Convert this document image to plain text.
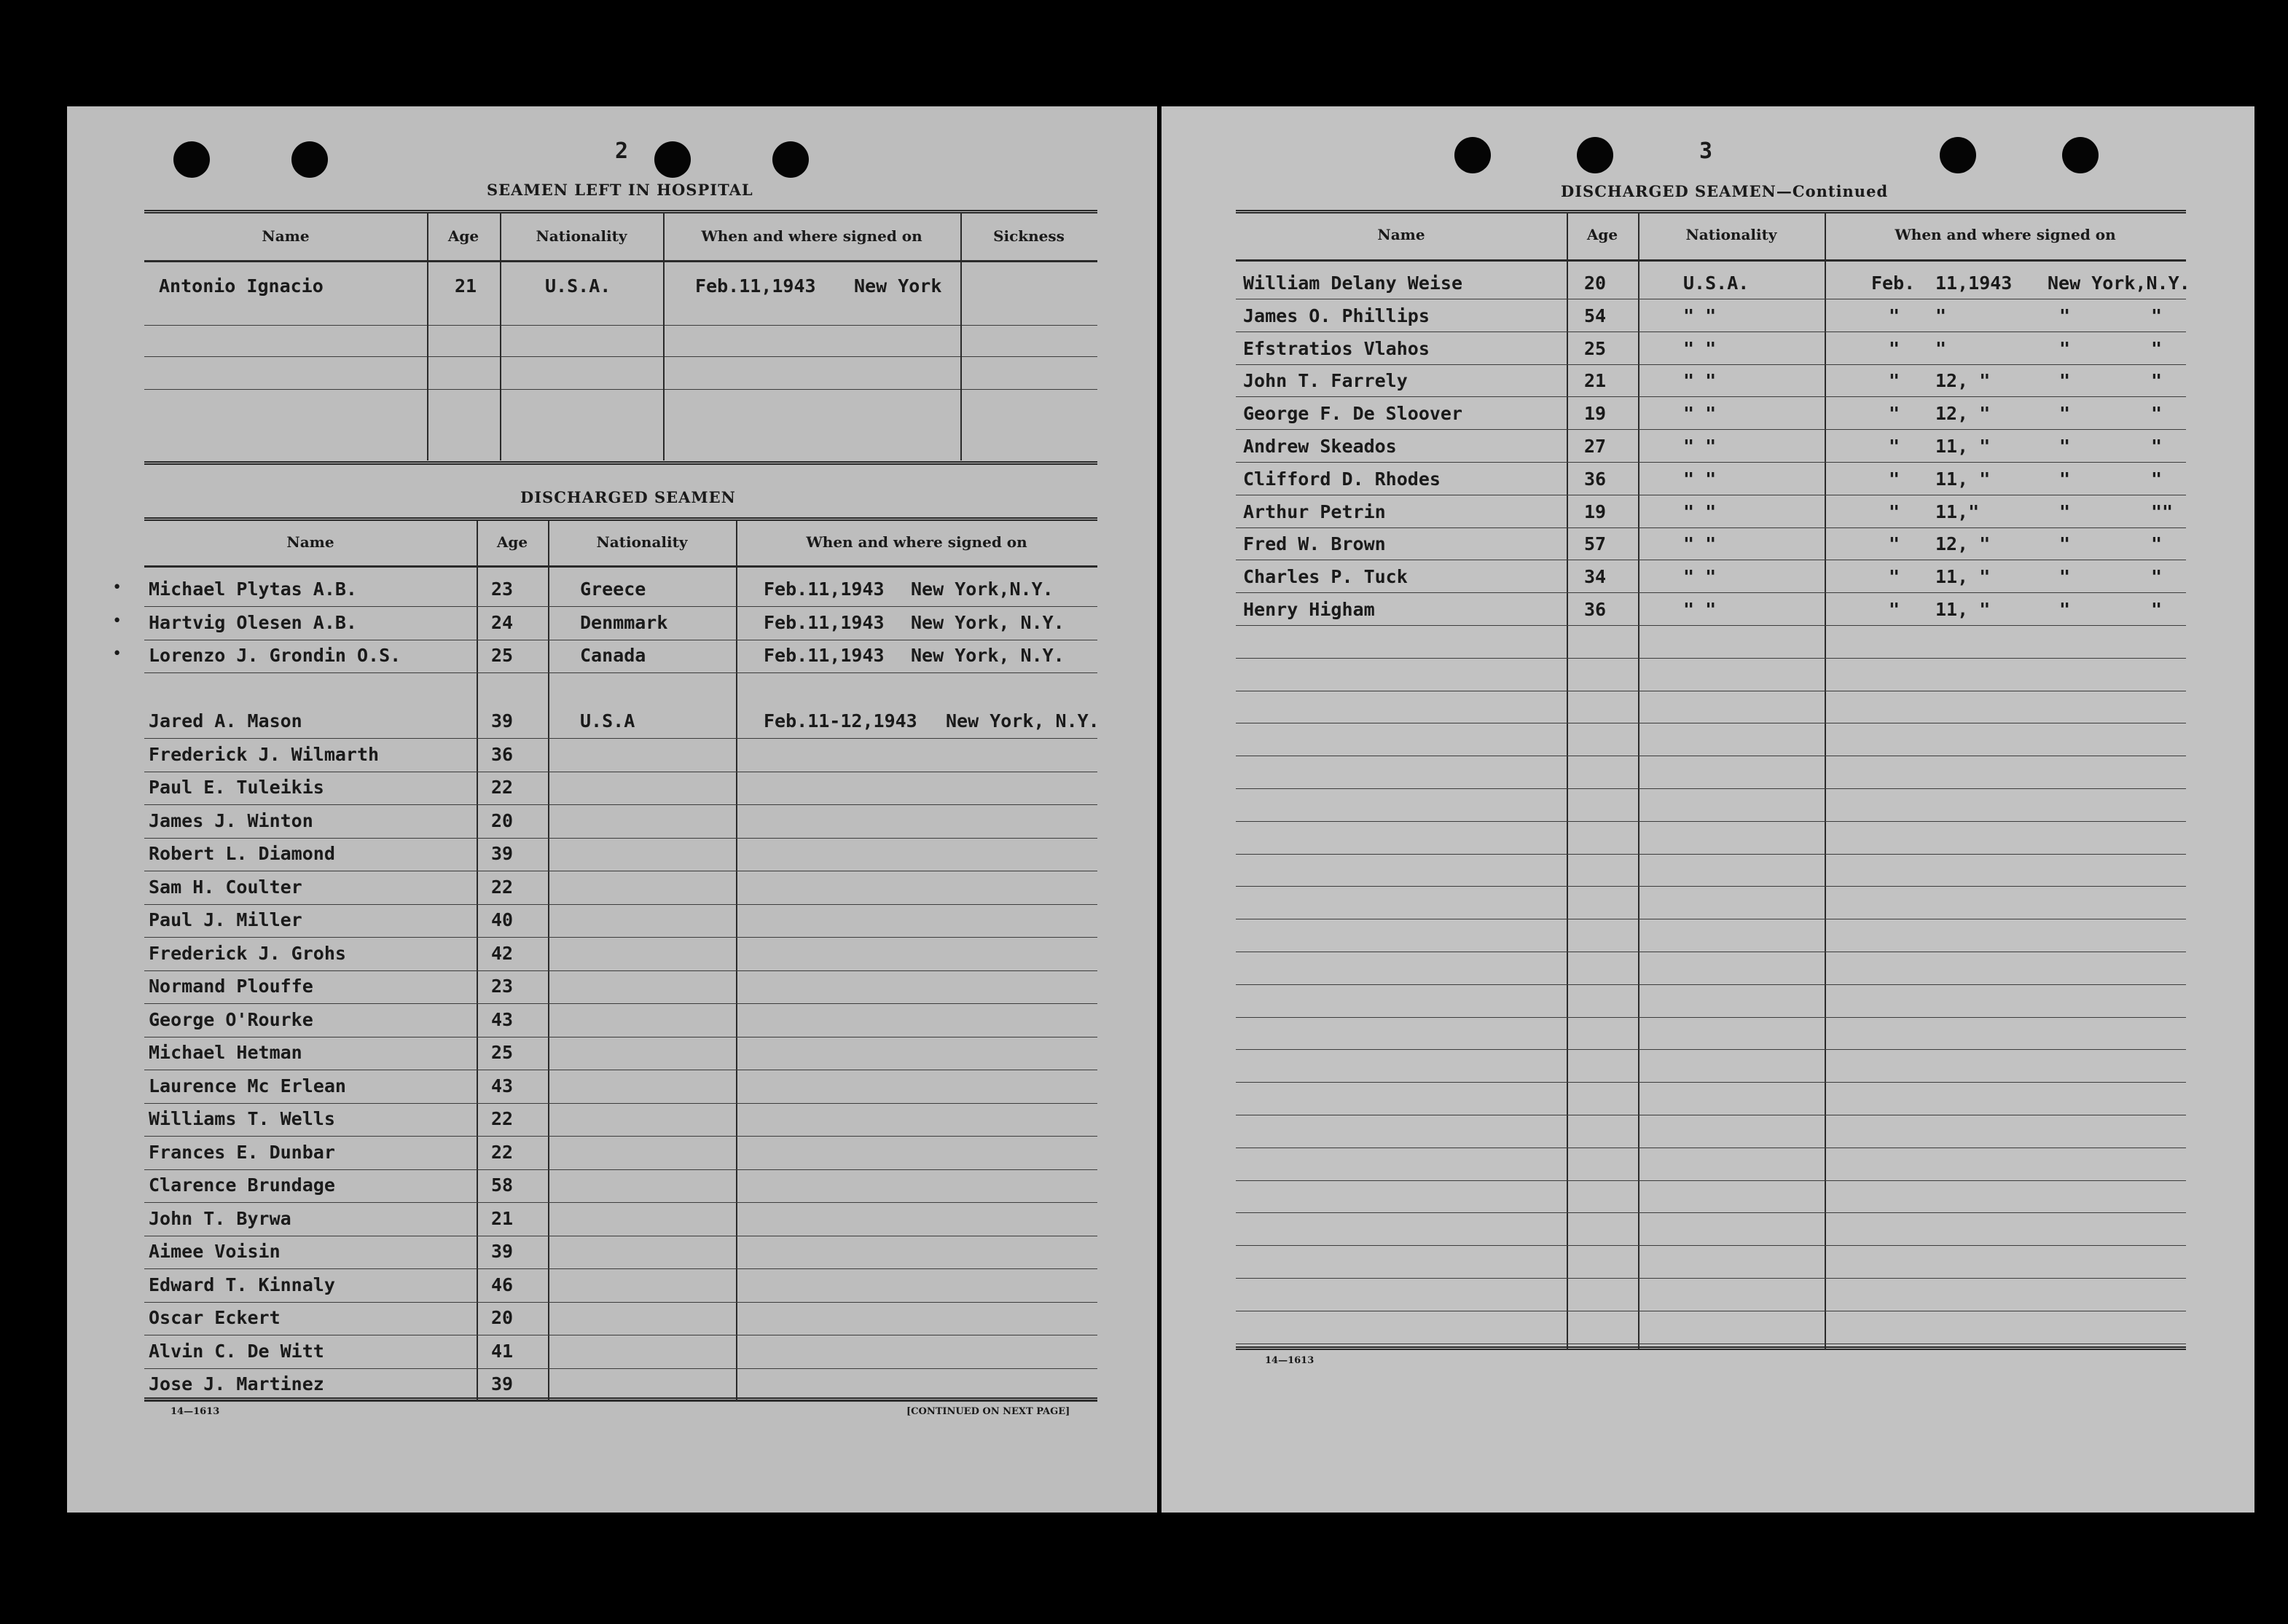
2
SEAMEN LEFT IN HOSPITAL
Name	Age	Nationality	When and where signed on	Sickness
Antonio Ignacio	21	U.S.A.	Feb.11,1943 New York
DISCHARGED SEAMEN
Name	Age	Nationality	When and where signed on
• Michael Plytas A.B.	23	Greece	Feb.11,1943 New York,N.Y.
• Hartvig Olesen A.B.	24	Denmmark	Feb.11,1943 New York, N.Y.
• Lorenzo J. Grondin O.S.	25	Canada	Feb.11,1943 New York, N.Y.
Jared A. Mason	39	U.S.A	Feb.11-12,1943 New York, N.Y.
Frederick J. Wilmarth	36
Paul E. Tuleikis	22
James J. Winton	20
Robert L. Diamond	39
Sam H. Coulter	22
Paul J. Miller	40
Frederick J. Grohs	42
Normand Plouffe	23
George O'Rourke	43
Michael Hetman	25
Laurence Mc Erlean	43
Williams T. Wells	22
Frances E. Dunbar	22
Clarence Brundage	58
John T. Byrwa	21
Aimee Voisin	39
Edward T. Kinnaly	46
Oscar Eckert	20
Alvin C. De Witt	41
Jose J. Martinez	39
14—1613	[CONTINUED ON NEXT PAGE]
3
DISCHARGED SEAMEN—Continued
Name	Age	Nationality	When and where signed on
William Delany Weise	20	U.S.A.	Feb. 11,1943 New York,N.Y.
James O. Phillips	54	" "	" "	"	"
Efstratios Vlahos	25	" "	" "	"	"
John T. Farrely	21	" "	" 12, "	"	"
George F. De Sloover	19	" "	" 12, "	"	"
Andrew Skeados	27	" "	" 11, "	"	"
Clifford D. Rhodes	36	" "	" 11, "	"	"
Arthur Petrin	19	" "	" 11,"	"	""
Fred W. Brown	57	" "	" 12, "	"	"
Charles P. Tuck	34	" "	" 11, "	"	"
Henry Higham	36	" "	" 11, "	"	"
14—1613
